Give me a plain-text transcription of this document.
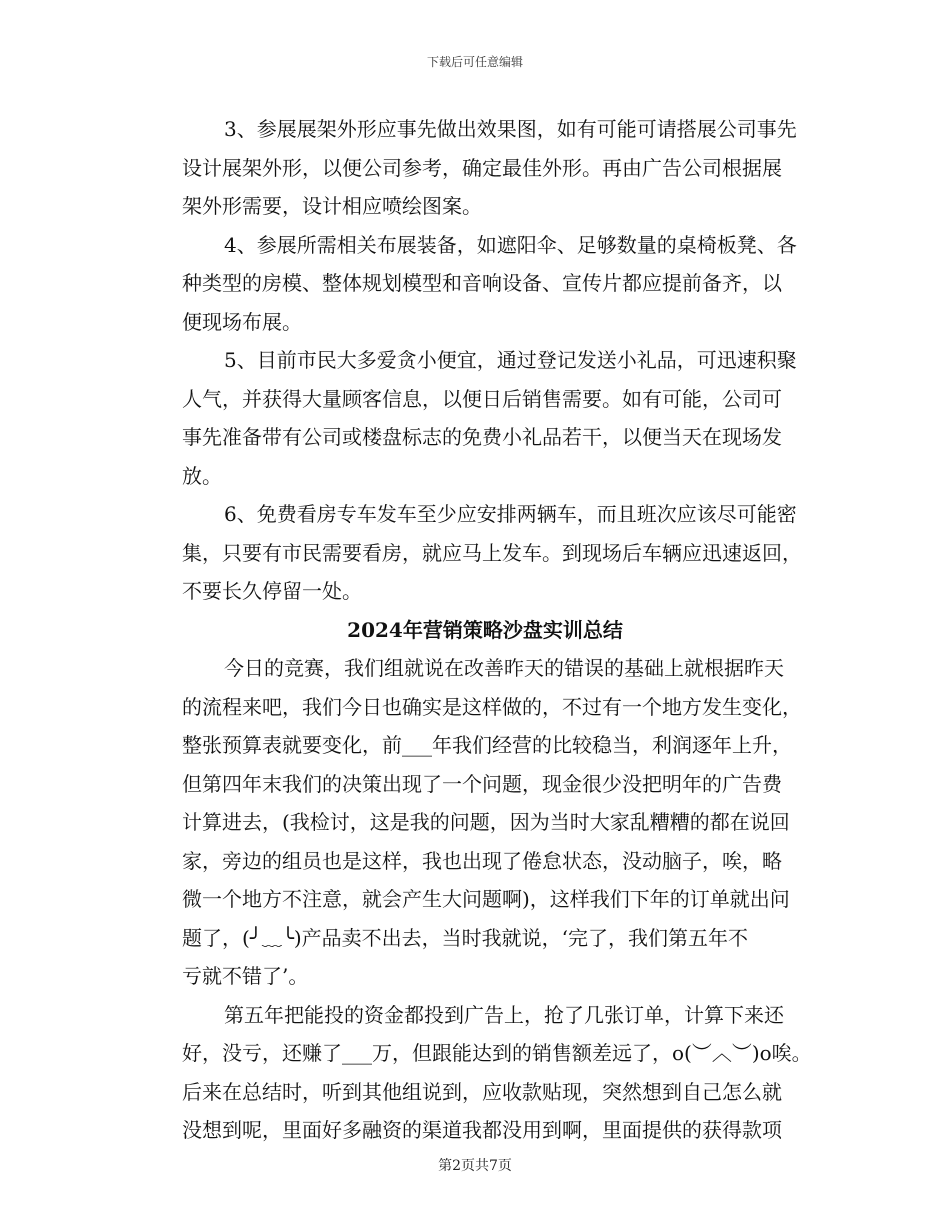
下载后可任意编辑
3、参展展架外形应事先做出效果图，如有可能可请搭展公司事先
设计展架外形，以便公司参考，确定最佳外形。再由广告公司根据展
架外形需要，设计相应喷绘图案。
4、参展所需相关布展装备，如遮阳伞、足够数量的桌椅板凳、各
种类型的房模、整体规划模型和音响设备、宣传片都应提前备齐，以
便现场布展。
5、目前市民大多爱贪小便宜，通过登记发送小礼品，可迅速积聚
人气，并获得大量顾客信息，以便日后销售需要。如有可能，公司可
事先准备带有公司或楼盘标志的免费小礼品若干，以便当天在现场发
放。
6、免费看房专车发车至少应安排两辆车，而且班次应该尽可能密
集，只要有市民需要看房，就应马上发车。到现场后车辆应迅速返回，
不要长久停留一处。
2024年营销策略沙盘实训总结
今日的竞赛，我们组就说在改善昨天的错误的基础上就根据昨天
的流程来吧，我们今日也确实是这样做的，不过有一个地方发生变化，
整张预算表就要变化，前___年我们经营的比较稳当，利润逐年上升，
但第四年末我们的决策出现了一个问题，现金很少没把明年的广告费
计算进去，(我检讨，这是我的问题，因为当时大家乱糟糟的都在说回
家，旁边的组员也是这样，我也出现了倦怠状态，没动脑子，唉，略
微一个地方不注意，就会产生大问题啊)，这样我们下年的订单就出问
题了，(╯﹏╰)产品卖不出去，当时我就说，‘完了，我们第五年不
亏就不错了’。
第五年把能投的资金都投到广告上，抢了几张订单，计算下来还
好，没亏，还赚了___万，但跟能达到的销售额差远了，o(︶︿︶)o唉。
后来在总结时，听到其他组说到，应收款贴现，突然想到自己怎么就
没想到呢，里面好多融资的渠道我都没用到啊，里面提供的获得款项
第2页共7页
